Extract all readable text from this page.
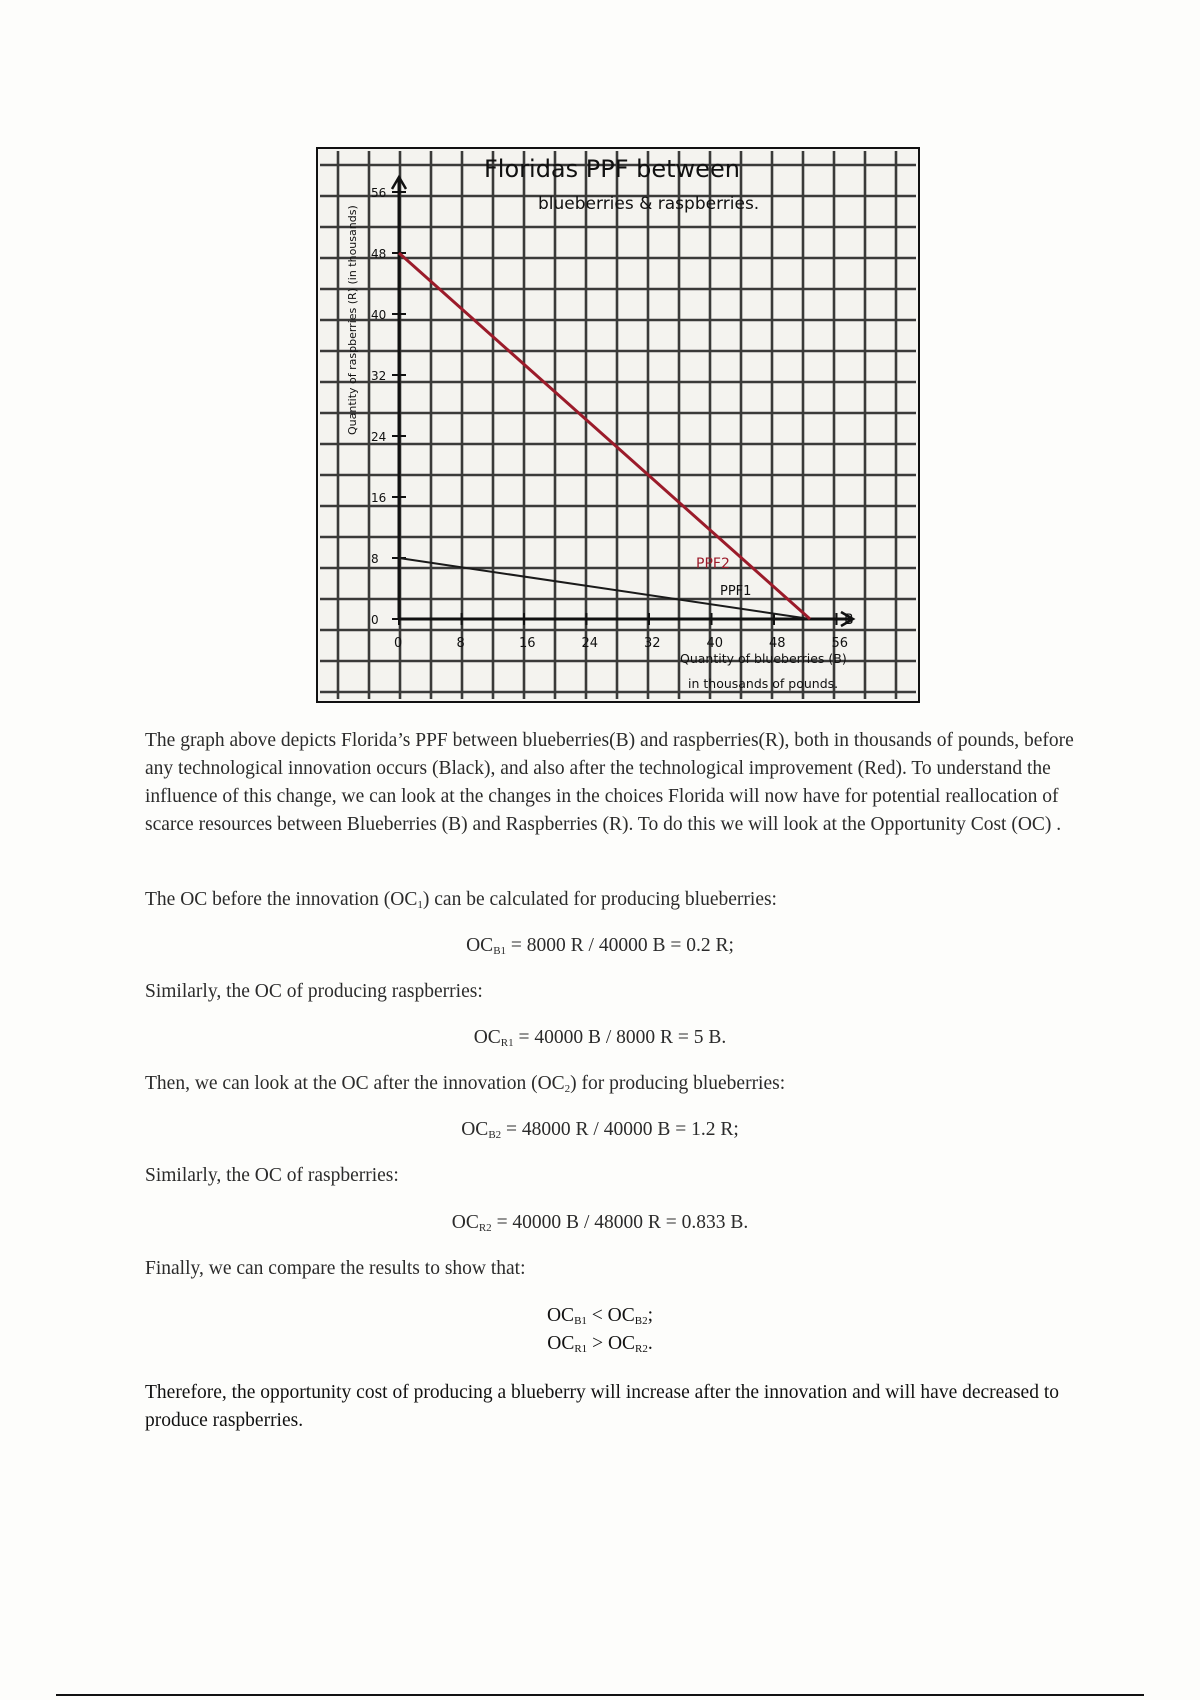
0	8	16	24	32	40	48	56
0
8
16
24
32
40
48
56
Floridas PPF between
blueberries & raspberries.
Quantity of raspberries (R) (in thousands)
Quantity of blueberries (B)
in thousands of pounds.
B
PPF2
PPF1
The graph above depicts Florida’s PPF between blueberries(B) and raspberries(R), both in thousands of pounds, before any technological innovation occurs (Black), and also after the technological improvement (Red). To understand the influence of this change, we can look at the changes in the choices Florida will now have for potential reallocation of scarce resources between Blueberries (B) and Raspberries (R). To do this we will look at the Opportunity Cost (OC) .
The OC before the innovation $(OC_1)$ can be calculated for producing blueberries:
$OC_{B1} = 8000$ R / 40000 B = 0.2 R;
Similarly, the OC of producing raspberries:
$OC_{R1} = 40000$ B / 8000 R = 5 B.
Then, we can look at the OC after the innovation $(OC_2)$ for producing blueberries:
$OC_{B2} = 48000$ R / 40000 B = 1.2 R;
Similarly, the OC of raspberries:
$OC_{R2} = 40000$ B / 48000 R = 0.833 B.
Finally, we can compare the results to show that:
$OC_{B1} < OC_{B2}$;
$OC_{R1} > OC_{R2}$.
Therefore, the opportunity cost of producing a blueberry will increase after the innovation and will have decreased to produce raspberries.
